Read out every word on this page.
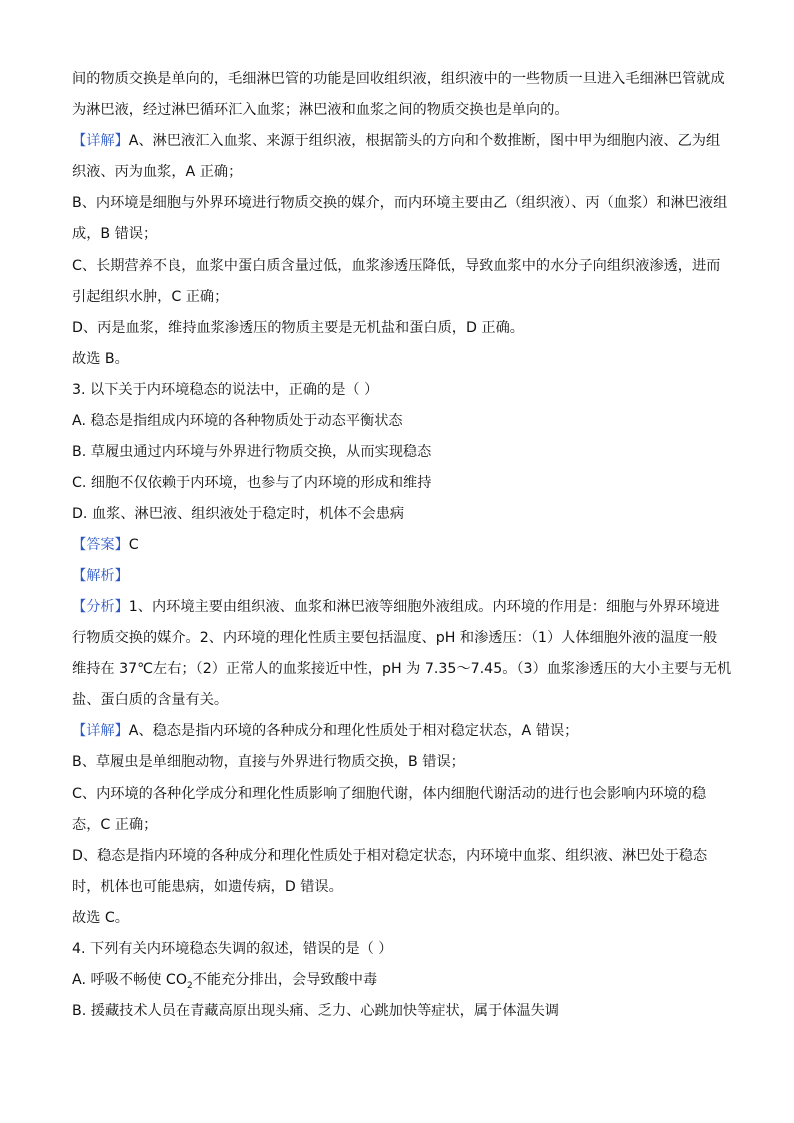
间的物质交换是单向的，毛细淋巴管的功能是回收组织液，组织液中的一些物质一旦进入毛细淋巴管就成
为淋巴液，经过淋巴循环汇入血浆；淋巴液和血浆之间的物质交换也是单向的。
【详解】A、淋巴液汇入血浆、来源于组织液，根据箭头的方向和个数推断，图中甲为细胞内液、乙为组
织液、丙为血浆，A 正确；
B、内环境是细胞与外界环境进行物质交换的媒介，而内环境主要由乙（组织液）、丙（血浆）和淋巴液组
成，B 错误；
C、长期营养不良，血浆中蛋白质含量过低，血浆渗透压降低，导致血浆中的水分子向组织液渗透，进而
引起组织水肿，C 正确；
D、丙是血浆，维持血浆渗透压的物质主要是无机盐和蛋白质，D 正确。
故选 B。
3. 以下关于内环境稳态的说法中，正确的是（ ）
A. 稳态是指组成内环境的各种物质处于动态平衡状态
B. 草履虫通过内环境与外界进行物质交换，从而实现稳态
C. 细胞不仅依赖于内环境，也参与了内环境的形成和维持
D. 血浆、淋巴液、组织液处于稳定时，机体不会患病
【答案】C
【解析】
【分析】1、内环境主要由组织液、血浆和淋巴液等细胞外液组成。内环境的作用是：细胞与外界环境进
行物质交换的媒介。2、内环境的理化性质主要包括温度、pH 和渗透压：（1）人体细胞外液的温度一般
维持在 37℃左右；（2）正常人的血浆接近中性，pH 为 7.35～7.45。（3）血浆渗透压的大小主要与无机
盐、蛋白质的含量有关。
【详解】A、稳态是指内环境的各种成分和理化性质处于相对稳定状态，A 错误；
B、草履虫是单细胞动物，直接与外界进行物质交换，B 错误；
C、内环境的各种化学成分和理化性质影响了细胞代谢，体内细胞代谢活动的进行也会影响内环境的稳
态，C 正确；
D、稳态是指内环境的各种成分和理化性质处于相对稳定状态，内环境中血浆、组织液、淋巴处于稳态
时，机体也可能患病，如遗传病，D 错误。
故选 C。
4. 下列有关内环境稳态失调的叙述，错误的是（ ）
A. 呼吸不畅使 $CO_2$不能充分排出，会导致酸中毒
B. 援藏技术人员在青藏高原出现头痛、乏力、心跳加快等症状，属于体温失调
